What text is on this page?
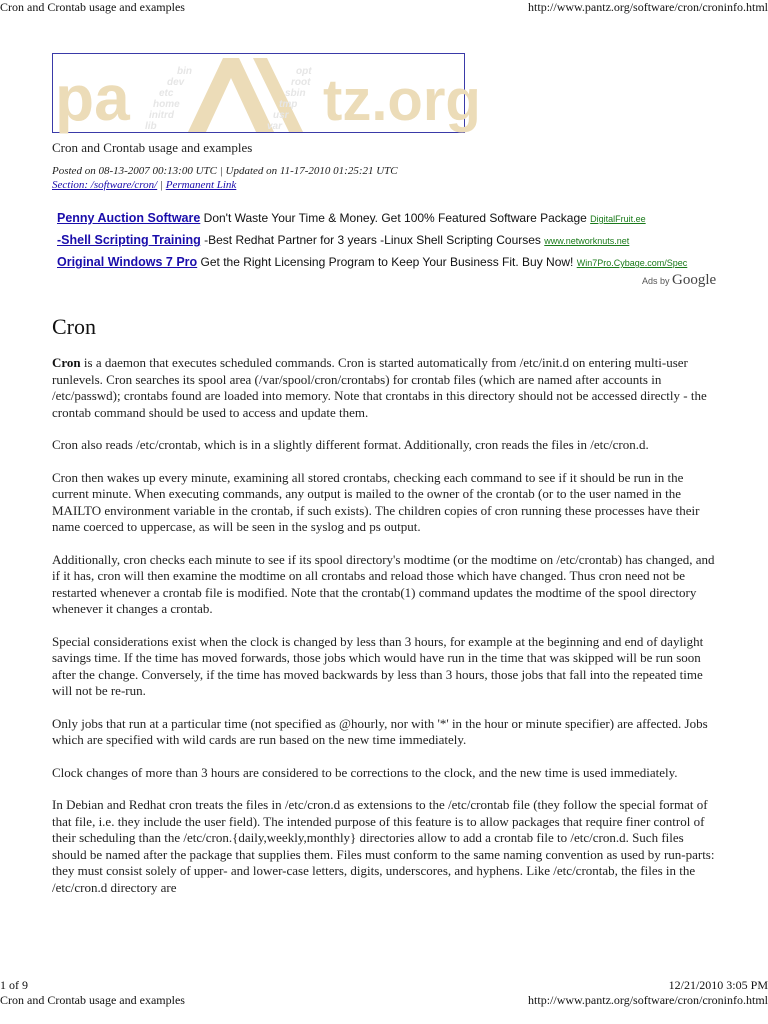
Cron and Crontab usage and examples	http://www.pantz.org/software/cron/croninfo.html
pa	tz.org
bin
dev
etc
home
initrd
lib
opt
root
sbin
tmp
usr
var
Cron and Crontab usage and examples
Posted on 08-13-2007 00:13:00 UTC | Updated on 11-17-2010 01:25:21 UTC
Section: /software/cron/ | Permanent Link
Penny Auction Software Don't Waste Your Time & Money. Get 100% Featured Software Package DigitalFruit.ee
-Shell Scripting Training -Best Redhat Partner for 3 years -Linux Shell Scripting Courses www.networknuts.net
Original Windows 7 Pro Get the Right Licensing Program to Keep Your Business Fit. Buy Now! Win7Pro.Cybage.com/Spec
Ads by Google
Cron

Cron is a daemon that executes scheduled commands. Cron is started automatically from /etc/init.d on entering multi-user runlevels. Cron searches its spool area (/var/spool/cron/crontabs) for crontab files (which are named after accounts in /etc/passwd); crontabs found are loaded into memory. Note that crontabs in this directory should not be accessed directly - the crontab command should be used to access and update them.

Cron also reads /etc/crontab, which is in a slightly different format. Additionally, cron reads the files in /etc/cron.d.

Cron then wakes up every minute, examining all stored crontabs, checking each command to see if it should be run in the current minute. When executing commands, any output is mailed to the owner of the crontab (or to the user named in the MAILTO environment variable in the crontab, if such exists). The children copies of cron running these processes have their name coerced to uppercase, as will be seen in the syslog and ps output.

Additionally, cron checks each minute to see if its spool directory's modtime (or the modtime on /etc/crontab) has changed, and if it has, cron will then examine the modtime on all crontabs and reload those which have changed. Thus cron need not be restarted whenever a crontab file is modified. Note that the crontab(1) command updates the modtime of the spool directory whenever it changes a crontab.

Special considerations exist when the clock is changed by less than 3 hours, for example at the beginning and end of daylight savings time. If the time has moved forwards, those jobs which would have run in the time that was skipped will be run soon after the change. Conversely, if the time has moved backwards by less than 3 hours, those jobs that fall into the repeated time will not be re-run.

Only jobs that run at a particular time (not specified as @hourly, nor with '*' in the hour or minute specifier) are affected. Jobs which are specified with wild cards are run based on the new time immediately.

Clock changes of more than 3 hours are considered to be corrections to the clock, and the new time is used immediately.

In Debian and Redhat cron treats the files in /etc/cron.d as extensions to the /etc/crontab file (they follow the special format of that file, i.e. they include the user field). The intended purpose of this feature is to allow packages that require finer control of their scheduling than the /etc/cron.{daily,weekly,monthly} directories allow to add a crontab file to /etc/cron.d. Such files should be named after the package that supplies them. Files must conform to the same naming convention as used by run-parts: they must consist solely of upper- and lower-case letters, digits, underscores, and hyphens. Like /etc/crontab, the files in the /etc/cron.d directory are

1 of 9	12/21/2010 3:05 PM
Cron and Crontab usage and examples	http://www.pantz.org/software/cron/croninfo.html
